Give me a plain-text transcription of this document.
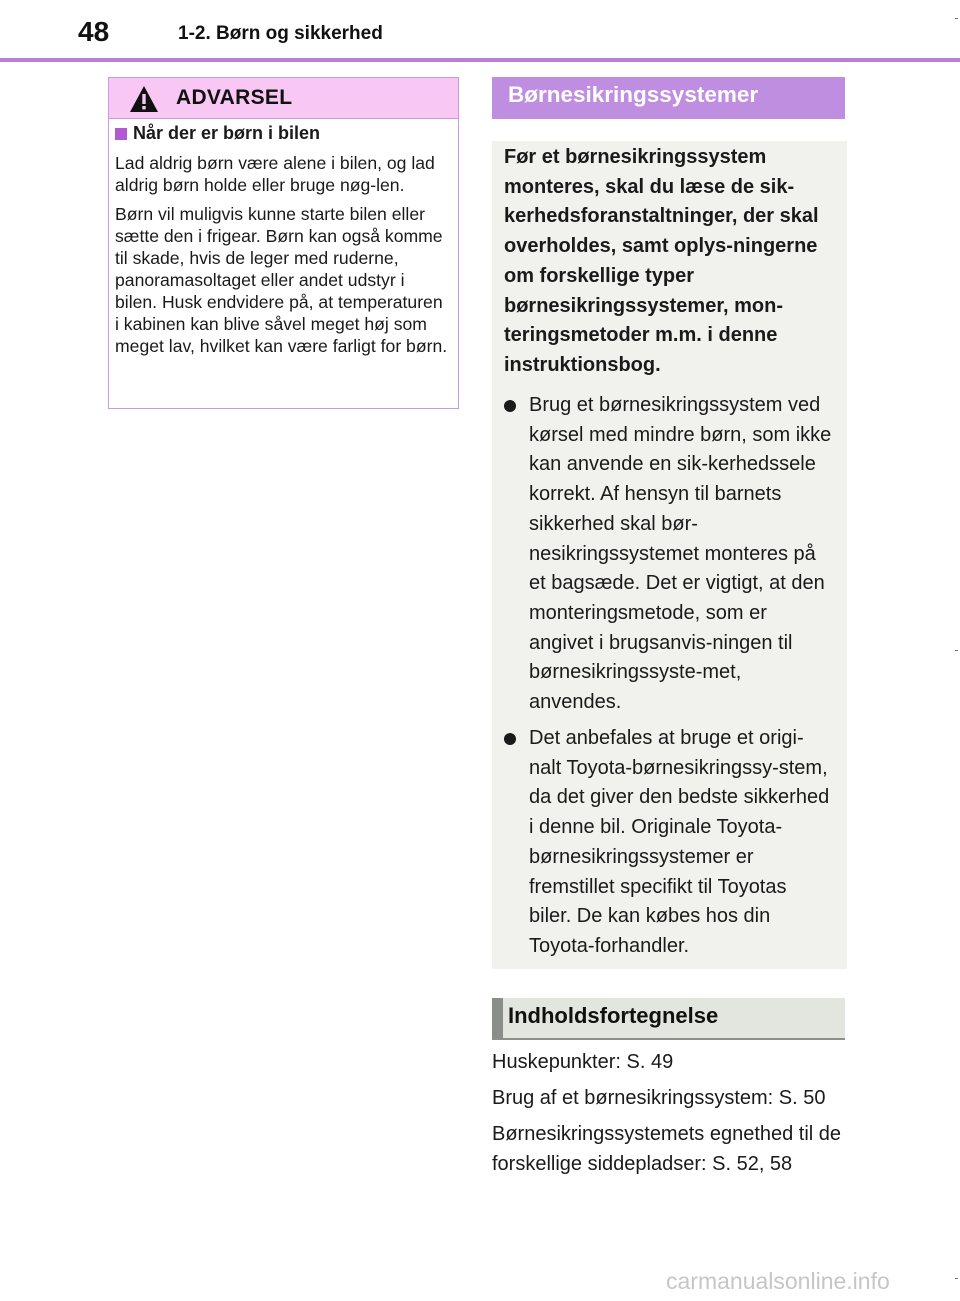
48	1-2. Børn og sikkerhed
ADVARSEL

Når der er børn i bilen

Lad aldrig børn være alene i bilen, og lad aldrig børn holde eller bruge nøg-len.

Børn vil muligvis kunne starte bilen eller sætte den i frigear. Børn kan også komme til skade, hvis de leger med ruderne, panoramasoltaget eller andet udstyr i bilen. Husk endvidere på, at temperaturen i kabinen kan blive såvel meget høj som meget lav, hvilket kan være farligt for børn.

Børnesikringssystemer

Før et børnesikringssystem monteres, skal du læse de sik-kerhedsforanstaltninger, der skal overholdes, samt oplys-ningerne om forskellige typer børnesikringssystemer, mon-teringsmetoder m.m. i denne instruktionsbog.

Brug et børnesikringssystem ved kørsel med mindre børn, som ikke kan anvende en sik-kerhedssele korrekt. Af hensyn til barnets sikkerhed skal bør-nesikringssystemet monteres på et bagsæde. Det er vigtigt, at den monteringsmetode, som er angivet i brugsanvis-ningen til børnesikringssyste-met, anvendes.
Det anbefales at bruge et origi-nalt Toyota-børnesikringssy-stem, da det giver den bedste sikkerhed i denne bil. Originale Toyota-børnesikringssystemer er fremstillet specifikt til Toyotas biler. De kan købes hos din Toyota-forhandler.
Indholdsfortegnelse

Huskepunkter: S. 49

Brug af et børnesikringssystem: S. 50

Børnesikringssystemets egnethed til de forskellige siddepladser: S. 52, 58

carmanualsonline.info
